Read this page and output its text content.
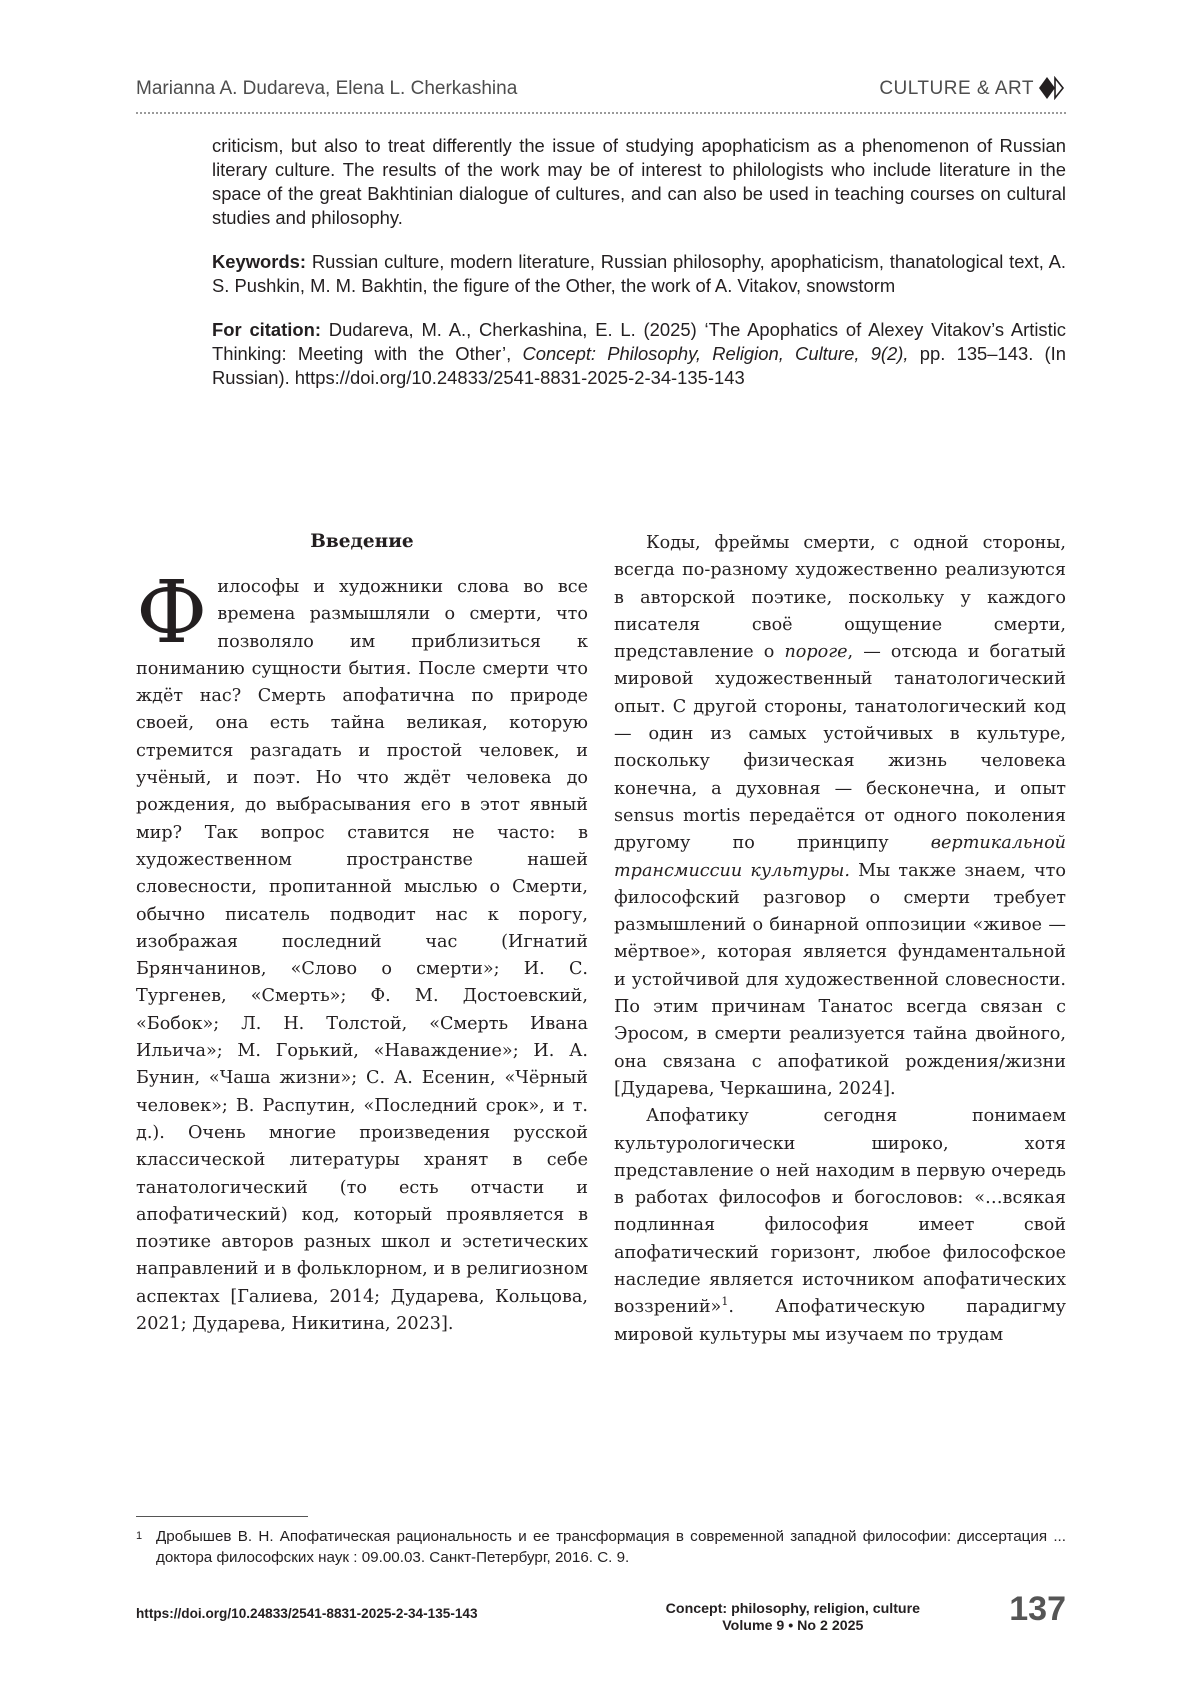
Marianna A. Dudareva, Elena L. Cherkashina	CULTURE & ART

criticism, but also to treat differently the issue of studying apophaticism as a phenomenon of Russian literary culture. The results of the work may be of interest to philologists who include literature in the space of the great Bakhtinian dialogue of cultures, and can also be used in teaching courses on cultural studies and philosophy.

Keywords: Russian culture, modern literature, Russian philosophy, apophaticism, thanatological text, A. S. Pushkin, M. M. Bakhtin, the figure of the Other, the work of A. Vitakov, snowstorm

For citation: Dudareva, M. A., Cherkashina, E. L. (2025) ‘The Apophatics of Alexey Vitakov’s Artistic Thinking: Meeting with the Other’, Concept: Philosophy, Religion, Culture, 9(2), pp. 135–143. (In Russian). https://doi.org/10.24833/2541-8831-2025-2-34-135-143

Введение

Философы и художники слова во все времена размышляли о смерти, что позволяло им приблизиться к пониманию сущности бытия. После смерти что ждёт нас? Смерть апофатична по природе своей, она есть тайна великая, которую стремится разгадать и простой человек, и учёный, и поэт. Но что ждёт человека до рождения, до выбрасывания его в этот явный мир? Так вопрос ставится не часто: в художественном пространстве нашей словесности, пропитанной мыслью о Смерти, обычно писатель подводит нас к порогу, изображая последний час (Игнатий Брянчанинов, «Слово о смерти»; И. С. Тургенев, «Смерть»; Ф. М. Достоевский, «Бобок»; Л. Н. Толстой, «Смерть Ивана Ильича»; М. Горький, «Наваждение»; И. А. Бунин, «Чаша жизни»; С. А. Есенин, «Чёрный человек»; В. Распутин, «Последний срок», и т. д.). Очень многие произведения русской классической литературы хранят в себе танатологический (то есть отчасти и апофатический) код, который проявляется в поэтике авторов разных школ и эстетических направлений и в фольклорном, и в религиозном аспектах [Галиева, 2014; Дударева, Кольцова, 2021; Дударева, Никитина, 2023].

Коды, фреймы смерти, с одной стороны, всегда по-разному художественно реализуются в авторской поэтике, поскольку у каждого писателя своё ощущение смерти, представление о пороге, — отсюда и богатый мировой художественный танатологический опыт. С другой стороны, танатологический код — один из самых устойчивых в культуре, поскольку физическая жизнь человека конечна, а духовная — бесконечна, и опыт sensus mortis передаётся от одного поколения другому по принципу вертикальной трансмиссии культуры. Мы также знаем, что философский разговор о смерти требует размышлений о бинарной оппозиции «живое — мёртвое», которая является фундаментальной и устойчивой для художественной словесности. По этим причинам Танатос всегда связан с Эросом, в смерти реализуется тайна двойного, она связана с апофатикой рождения/жизни [Дударева, Черкашина, 2024].

Апофатику сегодня понимаем культурологически широко, хотя представление о ней находим в первую очередь в работах философов и богословов: «…всякая подлинная философия имеет свой апофатический горизонт, любое философское наследие является источником апофатических воззрений»$^1$. Апофатическую парадигму мировой культуры мы изучаем по трудам

1 Дробышев В. Н. Апофатическая рациональность и ее трансформация в современной западной философии: диссертация ... доктора философских наук : 09.00.03. Санкт-Петербург, 2016. С. 9.
https://doi.org/10.24833/2541-8831-2025-2-34-135-143	Concept: philosophy, religion, culture
Volume 9 • No 2 2025	137
